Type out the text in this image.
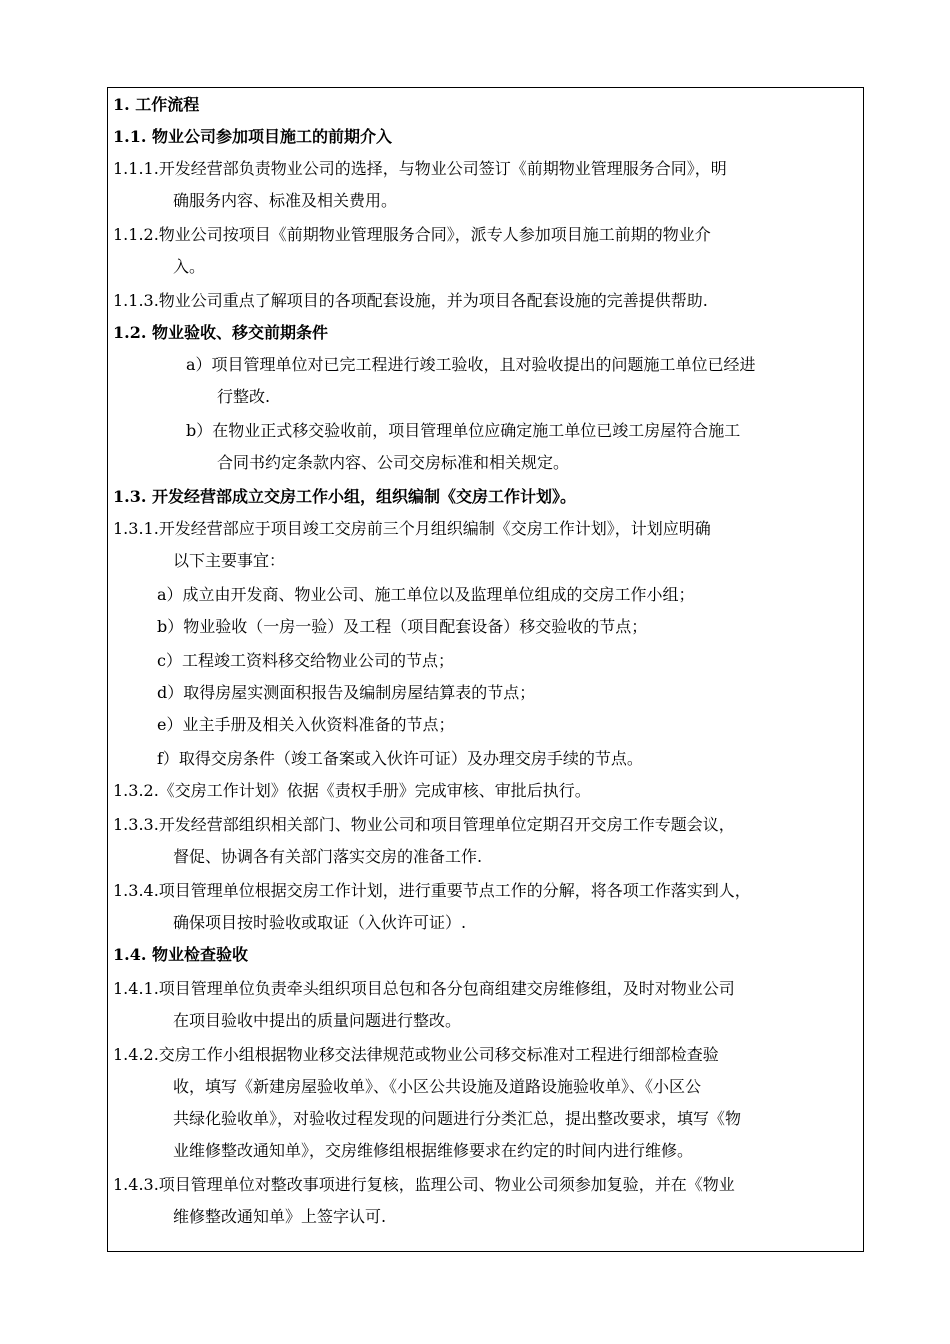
1. 工作流程
1.1. 物业公司参加项目施工的前期介入
1.1.1.开发经营部负责物业公司的选择，与物业公司签订《前期物业管理服务合同》，明
确服务内容、标准及相关费用。
1.1.2.物业公司按项目《前期物业管理服务合同》，派专人参加项目施工前期的物业介
入。
1.1.3.物业公司重点了解项目的各项配套设施，并为项目各配套设施的完善提供帮助.
1.2. 物业验收、移交前期条件
a）项目管理单位对已完工程进行竣工验收，且对验收提出的问题施工单位已经进
行整改.
b）在物业正式移交验收前，项目管理单位应确定施工单位已竣工房屋符合施工
合同书约定条款内容、公司交房标准和相关规定。
1.3. 开发经营部成立交房工作小组，组织编制《交房工作计划》。
1.3.1.开发经营部应于项目竣工交房前三个月组织编制《交房工作计划》，计划应明确
以下主要事宜：
a）成立由开发商、物业公司、施工单位以及监理单位组成的交房工作小组；
b）物业验收（一房一验）及工程（项目配套设备）移交验收的节点；
c）工程竣工资料移交给物业公司的节点；
d）取得房屋实测面积报告及编制房屋结算表的节点；
e）业主手册及相关入伙资料准备的节点；
f）取得交房条件（竣工备案或入伙许可证）及办理交房手续的节点。
1.3.2.《交房工作计划》依据《责权手册》完成审核、审批后执行。
1.3.3.开发经营部组织相关部门、物业公司和项目管理单位定期召开交房工作专题会议，
督促、协调各有关部门落实交房的准备工作.
1.3.4.项目管理单位根据交房工作计划，进行重要节点工作的分解，将各项工作落实到人，
确保项目按时验收或取证（入伙许可证）.
1.4. 物业检查验收
1.4.1.项目管理单位负责牵头组织项目总包和各分包商组建交房维修组，及时对物业公司
在项目验收中提出的质量问题进行整改。
1.4.2.交房工作小组根据物业移交法律规范或物业公司移交标准对工程进行细部检查验
收，填写《新建房屋验收单》、《小区公共设施及道路设施验收单》、《小区公
共绿化验收单》，对验收过程发现的问题进行分类汇总，提出整改要求，填写《物
业维修整改通知单》，交房维修组根据维修要求在约定的时间内进行维修。
1.4.3.项目管理单位对整改事项进行复核，监理公司、物业公司须参加复验，并在《物业
维修整改通知单》上签字认可.
